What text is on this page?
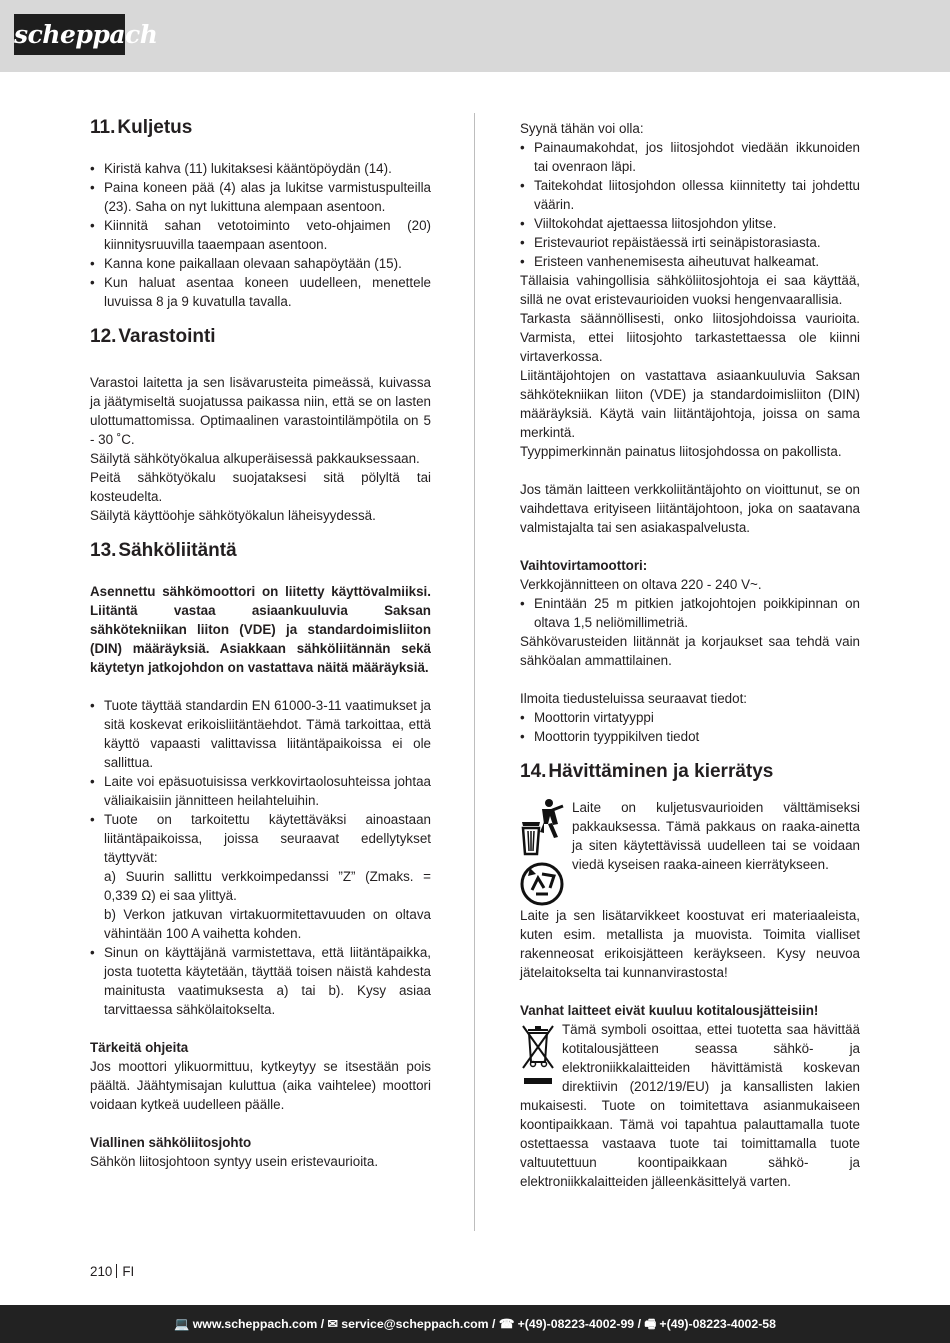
scheppach
11. Kuljetus
• Kiristä kahva (11) lukitaksesi kääntöpöydän (14).
• Paina koneen pää (4) alas ja lukitse varmistuspulteilla (23). Saha on nyt lukittuna alempaan asentoon.
• Kiinnitä sahan vetotoiminto veto-ohjaimen (20) kiinnitysruuvilla taaempaan asentoon.
• Kanna kone paikallaan olevaan sahapöytään (15).
• Kun haluat asentaa koneen uudelleen, menettele luvuissa 8 ja 9 kuvatulla tavalla.
12. Varastointi

Varastoi laitetta ja sen lisävarusteita pimeässä, kuivassa ja jäätymiseltä suojatussa paikassa niin, että se on lasten ulottumattomissa. Optimaalinen varastointilämpötila on 5 - 30 ˚C.

Säilytä sähkötyökalua alkuperäisessä pakkauksessaan.

Peitä sähkötyökalu suojataksesi sitä pölyltä tai kosteudelta.

Säilytä käyttöohje sähkötyökalun läheisyydessä.

13. Sähköliitäntä

Asennettu sähkömoottori on liitetty käyttövalmiiksi. Liitäntä vastaa asiaankuuluvia Saksan sähkötekniikan liiton (VDE) ja standardoimisliiton (DIN) määräyksiä. Asiakkaan sähköliitännän sekä käytetyn jatkojohdon on vastattava näitä määräyksiä.

• Tuote täyttää standardin EN 61000-3-11 vaatimukset ja sitä koskevat erikoisliitäntäehdot. Tämä tarkoittaa, että käyttö vapaasti valittavissa liitäntäpaikoissa ei ole sallittua.
• Laite voi epäsuotuisissa verkkovirtaolosuhteissa johtaa väliaikaisiin jännitteen heilahteluihin.
• Tuote on tarkoitettu käytettäväksi ainoastaan liitäntäpaikoissa, joissa seuraavat edellytykset täyttyvät:
a) Suurin sallittu verkkoimpedanssi ”Z” (Zmaks. = 0,339 Ω) ei saa ylittyä.
b) Verkon jatkuvan virtakuormitettavuuden on oltava vähintään 100 A vaihetta kohden.
• Sinun on käyttäjänä varmistettava, että liitäntäpaikka, josta tuotetta käytetään, täyttää toisen näistä kahdesta mainitusta vaatimuksesta a) tai b). Kysy asiaa tarvittaessa sähkölaitokselta.

Tärkeitä ohjeita

Jos moottori ylikuormittuu, kytkeytyy se itsestään pois päältä. Jäähtymisajan kuluttua (aika vaihtelee) moottori voidaan kytkeä uudelleen päälle.

Viallinen sähköliitosjohto

Sähkön liitosjohtoon syntyy usein eristevaurioita.

Syynä tähän voi olla:

• Painaumakohdat, jos liitosjohdot viedään ikkunoiden tai ovenraon läpi.
• Taitekohdat liitosjohdon ollessa kiinnitetty tai johdettu väärin.
• Viiltokohdat ajettaessa liitosjohdon ylitse.
• Eristevauriot repäistäessä irti seinäpistorasiasta.
• Eristeen vanhenemisesta aiheutuvat halkeamat.

Tällaisia vahingollisia sähköliitosjohtoja ei saa käyttää, sillä ne ovat eristevaurioiden vuoksi hengenvaarallisia.

Tarkasta säännöllisesti, onko liitosjohdoissa vaurioita. Varmista, ettei liitosjohto tarkastettaessa ole kiinni virtaverkossa.

Liitäntäjohtojen on vastattava asiaankuuluvia Saksan sähkötekniikan liiton (VDE) ja standardoimisliiton (DIN) määräyksiä. Käytä vain liitäntäjohtoja, joissa on sama merkintä.

Tyyppimerkinnän painatus liitosjohdossa on pakollista.

Jos tämän laitteen verkkoliitäntäjohto on vioittunut, se on vaihdettava erityiseen liitäntäjohtoon, joka on saatavana valmistajalta tai sen asiakaspalvelusta.

Vaihtovirtamoottori:

Verkkojännitteen on oltava 220 - 240 V~.

• Enintään 25 m pitkien jatkojohtojen poikkipinnan on oltava 1,5 neliömillimetriä.

Sähkövarusteiden liitännät ja korjaukset saa tehdä vain sähköalan ammattilainen.

Ilmoita tiedusteluissa seuraavat tiedot:

• Moottorin virtatyyppi
• Moottorin tyyppikilven tiedot
14. Hävittäminen ja kierrätys

Laite on kuljetusvaurioiden välttämiseksi pakkauksessa. Tämä pakkaus on raaka-ainetta ja siten käytettävissä uudelleen tai se voidaan viedä kyseisen raaka-aineen kierrätykseen.

Laite ja sen lisätarvikkeet koostuvat eri materiaaleista, kuten esim. metallista ja muovista. Toimita vialliset rakenneosat erikoisjätteen keräykseen. Kysy neuvoa jätelaitokselta tai kunnanvirastosta!

Vanhat laitteet eivät kuuluu kotitalousjätteisiin!

Tämä symboli osoittaa, ettei tuotetta saa hävittää kotitalousjätteen seassa sähkö- ja elektroniikkalaitteiden hävittämistä koskevan direktiivin (2012/19/EU) ja kansallisten lakien mukaisesti. Tuote on toimitettava asianmukaiseen koontipaikkaan. Tämä voi tapahtua palauttamalla tuote ostettaessa vastaava tuote tai toimittamalla tuote valtuutettuun koontipaikkaan sähkö- ja elektroniikkalaitteiden jälleenkäsittelyä varten.

210 FI
💻 www.scheppach.com / ✉ service@scheppach.com / ☎ +(49)-08223-4002-99 / 🖷 +(49)-08223-4002-58
